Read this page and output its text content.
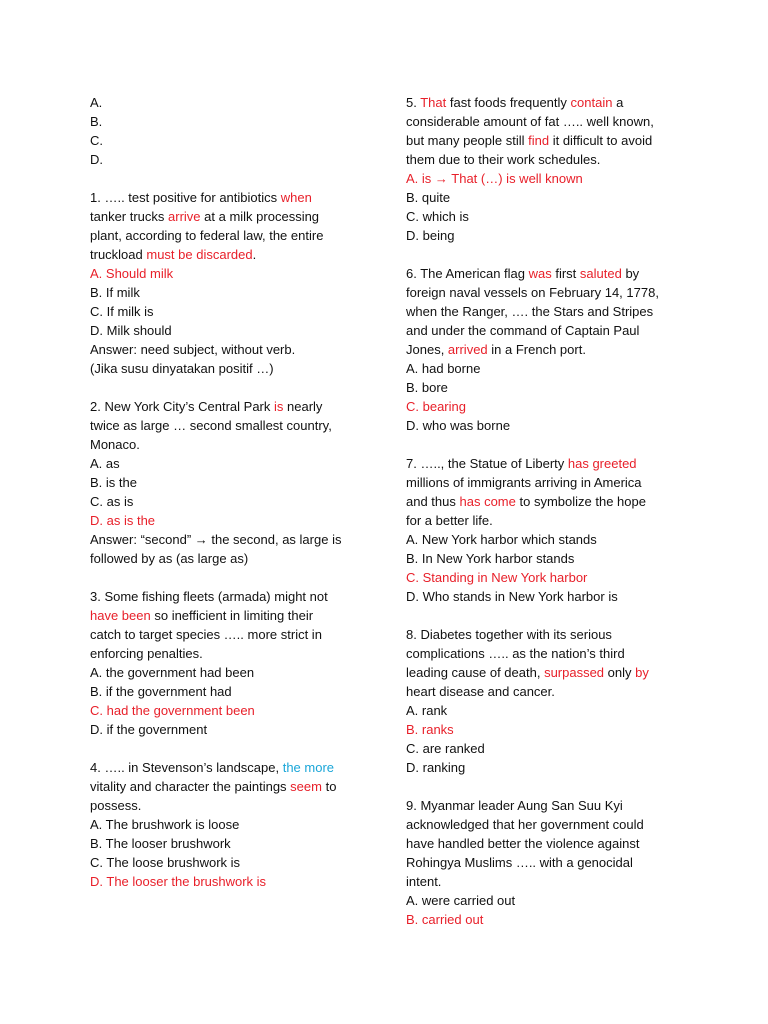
A.
B.
C.
D.
1. ….. test positive for antibiotics when
tanker trucks arrive at a milk processing
plant, according to federal law, the entire
truckload must be discarded.
A. Should milk
B. If milk
C. If milk is
D. Milk should
Answer: need subject, without verb.
(Jika susu dinyatakan positif …)
2. New York City’s Central Park is nearly
twice as large … second smallest country,
Monaco.
A. as
B. is the
C. as is
D. as is the
Answer: “second” → the second, as large is
followed by as (as large as)
3. Some fishing fleets (armada) might not
have been so inefficient in limiting their
catch to target species ….. more strict in
enforcing penalties.
A. the government had been
B. if the government had
C. had the government been
D. if the government
4. ….. in Stevenson’s landscape, the more
vitality and character the paintings seem to
possess.
A. The brushwork is loose
B. The looser brushwork
C. The loose brushwork is
D. The looser the brushwork is
5. That fast foods frequently contain a
considerable amount of fat ….. well known,
but many people still find it difficult to avoid
them due to their work schedules.
A. is → That (…) is well known
B. quite
C. which is
D. being
6. The American flag was first saluted by
foreign naval vessels on February 14, 1778,
when the Ranger, …. the Stars and Stripes
and under the command of Captain Paul
Jones, arrived in a French port.
A. had borne
B. bore
C. bearing
D. who was borne
7. ….., the Statue of Liberty has greeted
millions of immigrants arriving in America
and thus has come to symbolize the hope
for a better life.
A. New York harbor which stands
B. In New York harbor stands
C. Standing in New York harbor
D. Who stands in New York harbor is
8. Diabetes together with its serious
complications ….. as the nation’s third
leading cause of death, surpassed only by
heart disease and cancer.
A. rank
B. ranks
C. are ranked
D. ranking
9. Myanmar leader Aung San Suu Kyi
acknowledged that her government could
have handled better the violence against
Rohingya Muslims ….. with a genocidal
intent.
A. were carried out
B. carried out
